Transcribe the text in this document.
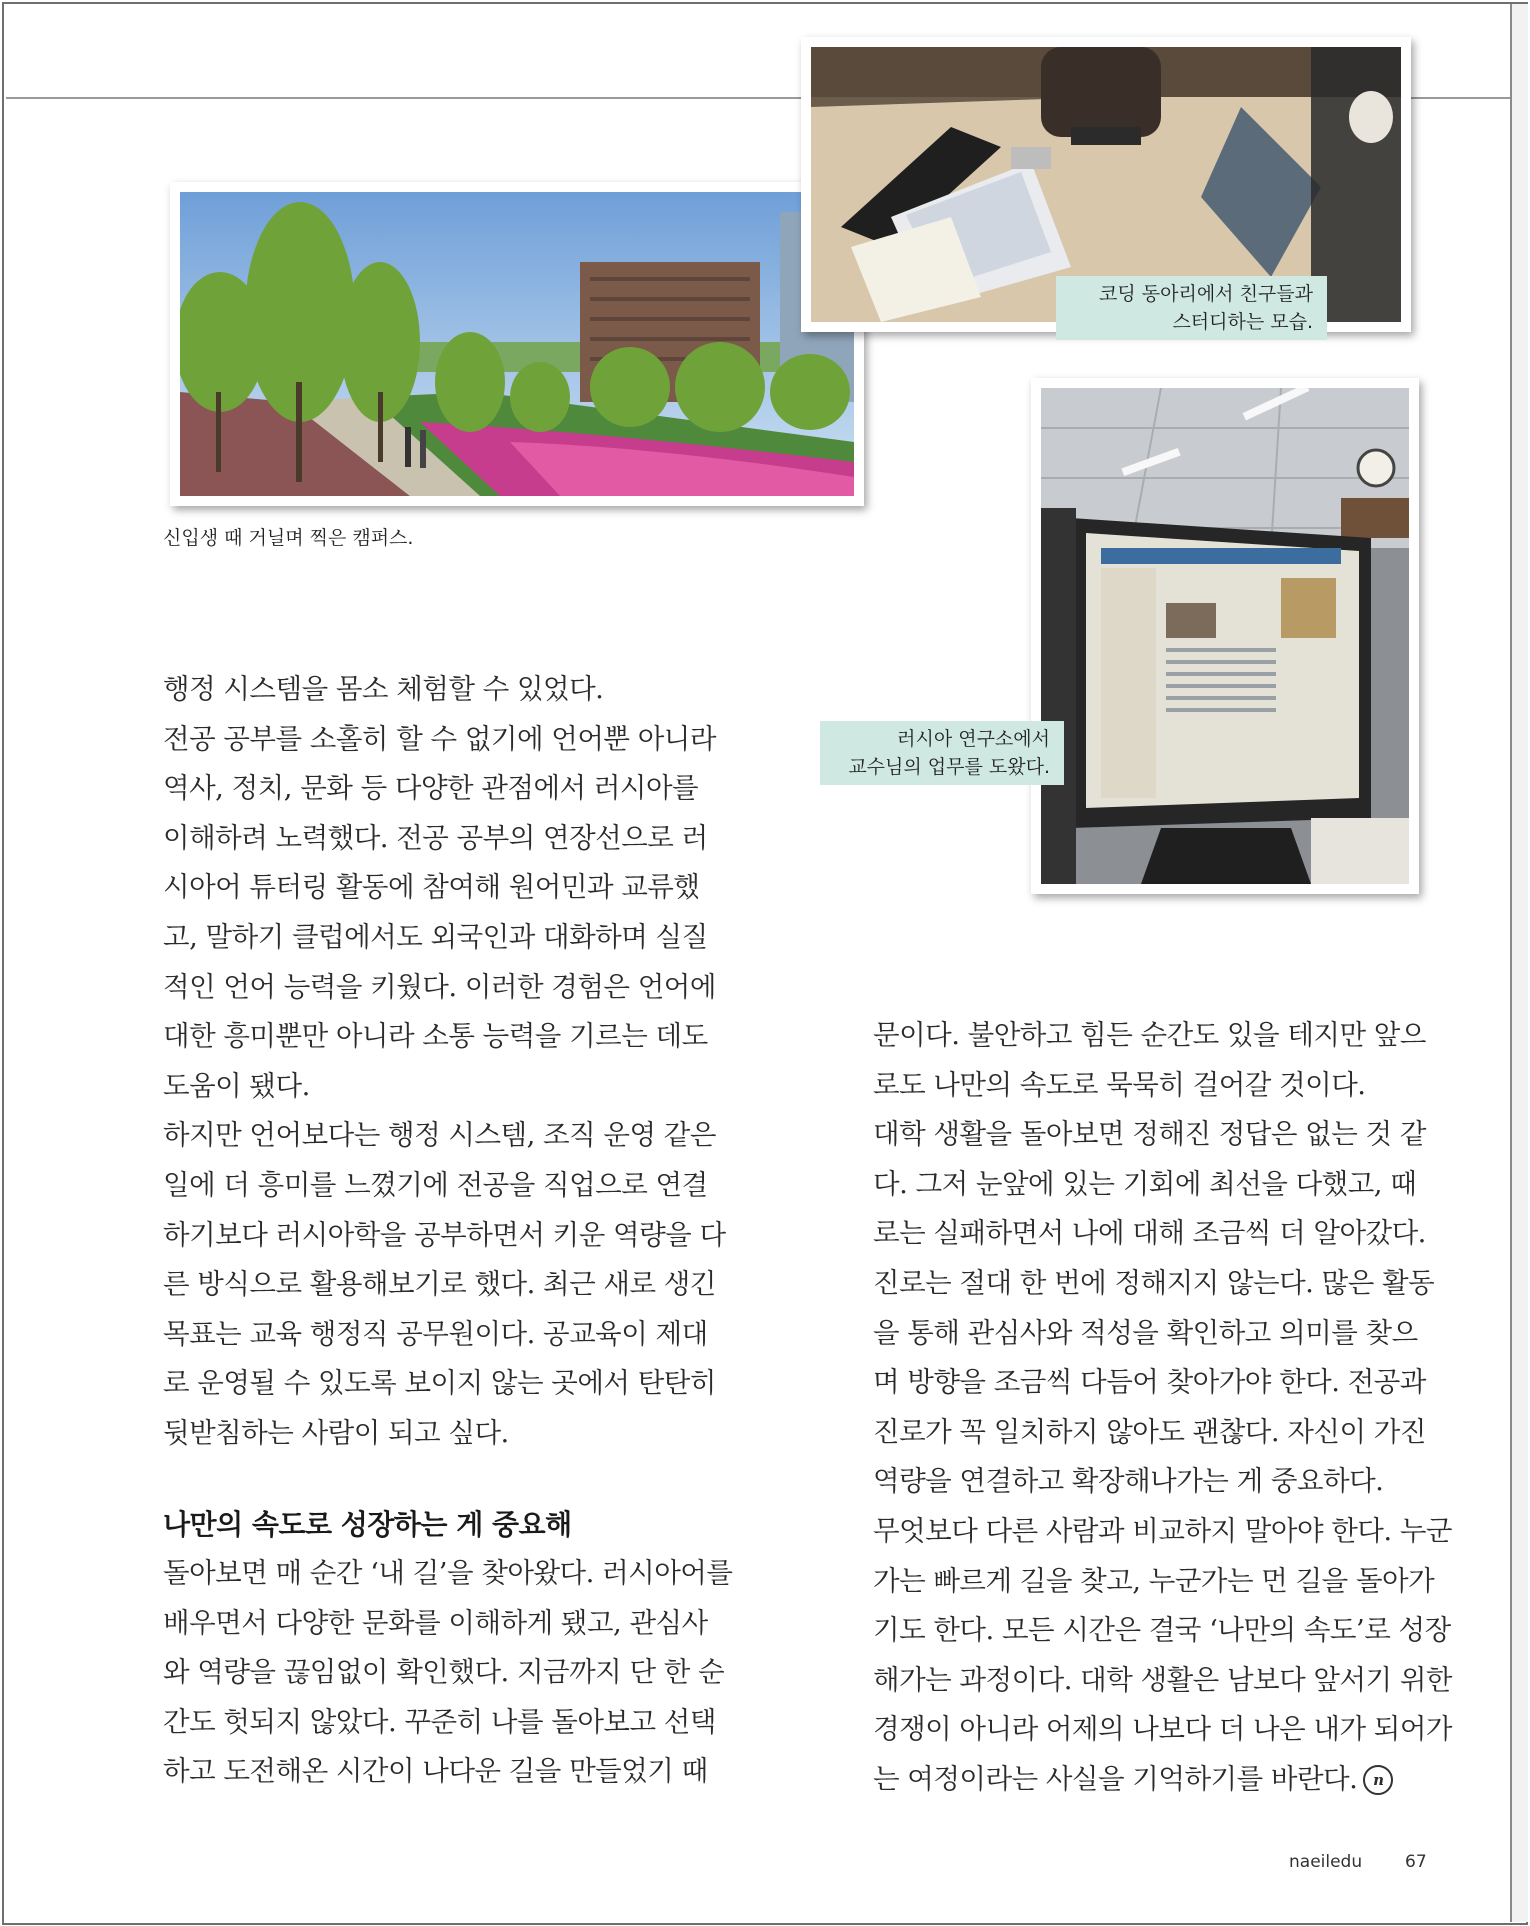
신입생 때 거닐며 찍은 캠퍼스.
코딩 동아리에서 친구들과
스터디하는 모습.
러시아 연구소에서
교수님의 업무를 도왔다.

행정 시스템을 몸소 체험할 수 있었다.

전공 공부를 소홀히 할 수 없기에 언어뿐 아니라

역사, 정치, 문화 등 다양한 관점에서 러시아를

이해하려 노력했다. 전공 공부의 연장선으로 러

시아어 튜터링 활동에 참여해 원어민과 교류했

고, 말하기 클럽에서도 외국인과 대화하며 실질

적인 언어 능력을 키웠다. 이러한 경험은 언어에

대한 흥미뿐만 아니라 소통 능력을 기르는 데도

도움이 됐다.

하지만 언어보다는 행정 시스템, 조직 운영 같은

일에 더 흥미를 느꼈기에 전공을 직업으로 연결

하기보다 러시아학을 공부하면서 키운 역량을 다

른 방식으로 활용해보기로 했다. 최근 새로 생긴

목표는 교육 행정직 공무원이다. 공교육이 제대

로 운영될 수 있도록 보이지 않는 곳에서 탄탄히

뒷받침하는 사람이 되고 싶다.

나만의 속도로 성장하는 게 중요해

돌아보면 매 순간 ‘내 길’을 찾아왔다. 러시아어를

배우면서 다양한 문화를 이해하게 됐고, 관심사

와 역량을 끊임없이 확인했다. 지금까지 단 한 순

간도 헛되지 않았다. 꾸준히 나를 돌아보고 선택

하고 도전해온 시간이 나다운 길을 만들었기 때

문이다. 불안하고 힘든 순간도 있을 테지만 앞으

로도 나만의 속도로 묵묵히 걸어갈 것이다.

대학 생활을 돌아보면 정해진 정답은 없는 것 같

다. 그저 눈앞에 있는 기회에 최선을 다했고, 때

로는 실패하면서 나에 대해 조금씩 더 알아갔다.

진로는 절대 한 번에 정해지지 않는다. 많은 활동

을 통해 관심사와 적성을 확인하고 의미를 찾으

며 방향을 조금씩 다듬어 찾아가야 한다. 전공과

진로가 꼭 일치하지 않아도 괜찮다. 자신이 가진

역량을 연결하고 확장해나가는 게 중요하다.

무엇보다 다른 사람과 비교하지 말아야 한다. 누군

가는 빠르게 길을 찾고, 누군가는 먼 길을 돌아가

기도 한다. 모든 시간은 결국 ‘나만의 속도’로 성장

해가는 과정이다. 대학 생활은 남보다 앞서기 위한

경쟁이 아니라 어제의 나보다 더 나은 내가 되어가

는 여정이라는 사실을 기억하기를 바란다. n

naeiledu	67
